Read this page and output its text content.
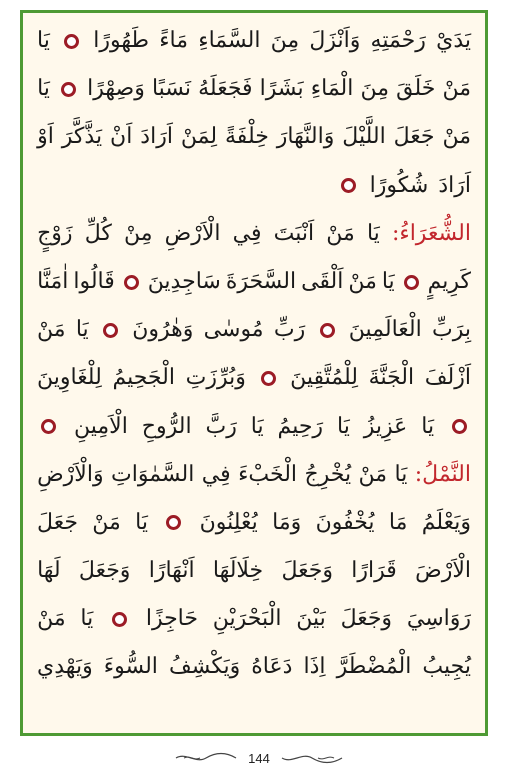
يَدَيْ
رَحْمَتِهِ
وَاَنْزَلَ
مِنَ
السَّمَاءِ
مَاءً
طَهُورًا
يَا
مَنْ
خَلَقَ
مِنَ
الْمَاءِ
بَشَرًا
فَجَعَلَهُ
نَسَبًا
وَصِهْرًا
يَا
مَنْ
جَعَلَ
اللَّيْلَ
وَالنَّهَارَ
خِلْفَةً
لِمَنْ
اَرَادَ
اَنْ
يَذَّكَّرَ
اَوْ
اَرَادَ
شُكُورًا
الشُّعَرَاءُ:
يَا
مَنْ
اَنْبَتَ
فِي
الْاَرْضِ
مِنْ
كُلِّ
زَوْجٍ
كَرِيمٍ
يَا
مَنْ
اَلْقَى
السَّحَرَةَ
سَاجِدِينَ
قَالُوا
اٰمَنَّا
بِرَبِّ
الْعَالَمِينَ
رَبِّ
مُوسٰى
وَهٰرُونَ
يَا
مَنْ
اَزْلَفَ
الْجَنَّةَ
لِلْمُتَّقِينَ
وَبُرِّزَتِ
الْجَحِيمُ
لِلْغَاوِينَ
يَا
عَزِيزُ
يَا
رَحِيمُ
يَا
رَبَّ
الرُّوحِ
الْاَمِينِ
النَّمْلُ:
يَا
مَنْ
يُخْرِجُ
الْخَبْءَ
فِي
السَّمٰوَاتِ
وَالْاَرْضِ
وَيَعْلَمُ
مَا
يُخْفُونَ
وَمَا
يُعْلِنُونَ
يَا
مَنْ
جَعَلَ
الْاَرْضَ
قَرَارًا
وَجَعَلَ
خِلَالَهَا
اَنْهَارًا
وَجَعَلَ
لَهَا
رَوَاسِيَ
وَجَعَلَ
بَيْنَ
الْبَحْرَيْنِ
حَاجِزًا
يَا
مَنْ
يُجِيبُ
الْمُضْطَرَّ
اِذَا
دَعَاهُ
وَيَكْشِفُ
السُّوءَ
وَيَهْدِي
144
